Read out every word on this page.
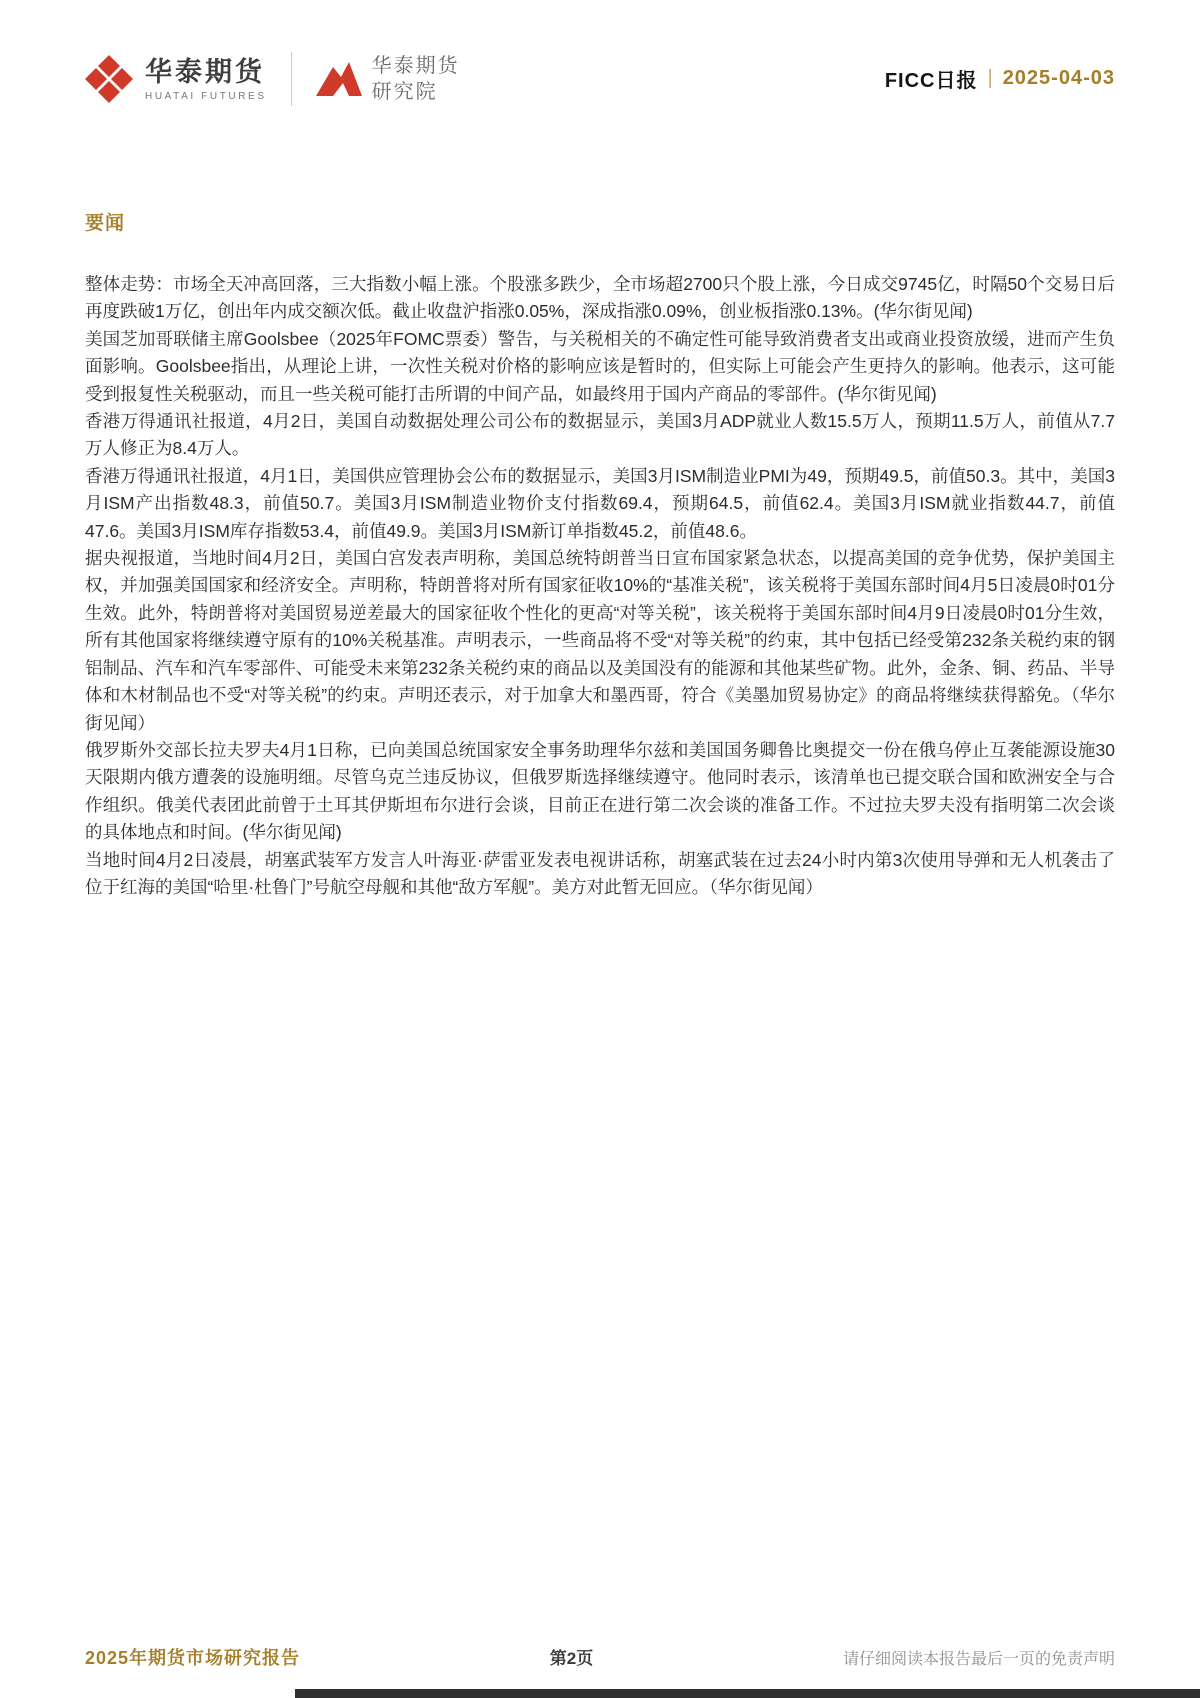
华泰期货
HUATAI FUTURES
华泰期货
研究院	FICC日报 | 2025-04-03
要闻

整体走势：市场全天冲高回落，三大指数小幅上涨。个股涨多跌少，全市场超2700只个股上涨，今日成交9745亿，时隔50个交易日后再度跌破1万亿，创出年内成交额次低。截止收盘沪指涨0.05%，深成指涨0.09%，创业板指涨0.13%。(华尔街见闻)

美国芝加哥联储主席Goolsbee（2025年FOMC票委）警告，与关税相关的不确定性可能导致消费者支出或商业投资放缓，进而产生负面影响。Goolsbee指出，从理论上讲，一次性关税对价格的影响应该是暂时的，但实际上可能会产生更持久的影响。他表示，这可能受到报复性关税驱动，而且一些关税可能打击所谓的中间产品，如最终用于国内产商品的零部件。(华尔街见闻)

香港万得通讯社报道，4月2日，美国自动数据处理公司公布的数据显示，美国3月ADP就业人数15.5万人，预期11.5万人，前值从7.7万人修正为8.4万人。

香港万得通讯社报道，4月1日，美国供应管理协会公布的数据显示，美国3月ISM制造业PMI为49，预期49.5，前值50.3。其中，美国3月ISM产出指数48.3，前值50.7。美国3月ISM制造业物价支付指数69.4，预期64.5，前值62.4。美国3月ISM就业指数44.7，前值47.6。美国3月ISM库存指数53.4，前值49.9。美国3月ISM新订单指数45.2，前值48.6。

据央视报道，当地时间4月2日，美国白宫发表声明称，美国总统特朗普当日宣布国家紧急状态，以提高美国的竞争优势，保护美国主权，并加强美国国家和经济安全。声明称，特朗普将对所有国家征收10%的“基准关税”，该关税将于美国东部时间4月5日凌晨0时01分生效。此外，特朗普将对美国贸易逆差最大的国家征收个性化的更高“对等关税”，该关税将于美国东部时间4月9日凌晨0时01分生效，所有其他国家将继续遵守原有的10%关税基准。声明表示，一些商品将不受“对等关税”的约束，其中包括已经受第232条关税约束的钢铝制品、汽车和汽车零部件、可能受未来第232条关税约束的商品以及美国没有的能源和其他某些矿物。此外，金条、铜、药品、半导体和木材制品也不受“对等关税”的约束。声明还表示，对于加拿大和墨西哥，符合《美墨加贸易协定》的商品将继续获得豁免。（华尔街见闻）

俄罗斯外交部长拉夫罗夫4月1日称，已向美国总统国家安全事务助理华尔兹和美国国务卿鲁比奥提交一份在俄乌停止互袭能源设施30天限期内俄方遭袭的设施明细。尽管乌克兰违反协议，但俄罗斯选择继续遵守。他同时表示，该清单也已提交联合国和欧洲安全与合作组织。俄美代表团此前曾于土耳其伊斯坦布尔进行会谈，目前正在进行第二次会谈的准备工作。不过拉夫罗夫没有指明第二次会谈的具体地点和时间。(华尔街见闻)

当地时间4月2日凌晨，胡塞武装军方发言人叶海亚·萨雷亚发表电视讲话称，胡塞武装在过去24小时内第3次使用导弹和无人机袭击了位于红海的美国“哈里·杜鲁门”号航空母舰和其他“敌方军舰”。美方对此暂无回应。（华尔街见闻）

2025年期货市场研究报告	第2页	请仔细阅读本报告最后一页的免责声明
